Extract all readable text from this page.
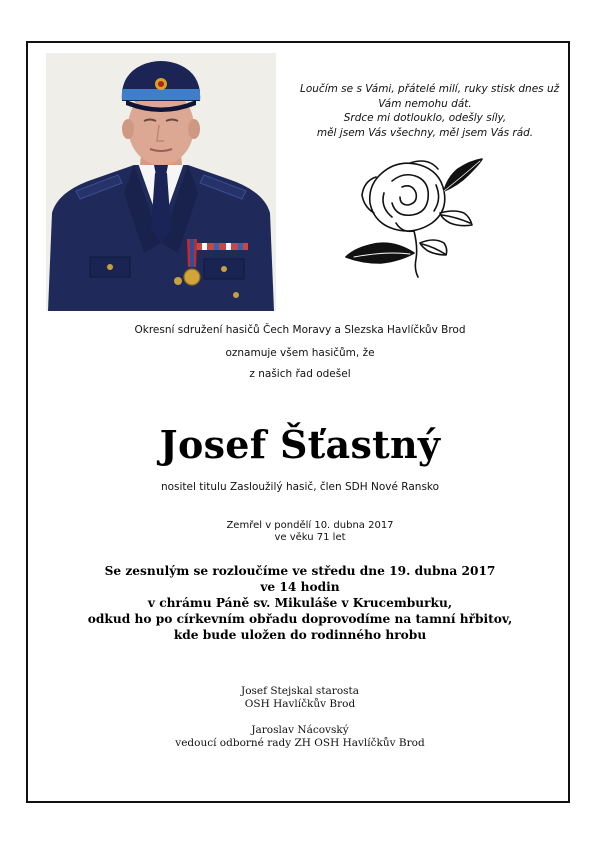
Loučím se s Vámi, přátelé milí, ruky stisk dnes už
Vám nemohu dát.
Srdce mi dotlouklo, odešly síly,
měl jsem Vás všechny, měl jsem Vás rád.
Okresní sdružení hasičů Čech Moravy a Slezska Havlíčkův Brod
oznamuje všem hasičům, že
z našich řad odešel
Josef Šťastný
nositel titulu Zasloužilý hasič, člen SDH Nové Ransko
Zemřel v pondělí 10. dubna 2017
ve věku 71 let
Se zesnulým se rozloučíme ve středu dne 19. dubna 2017
ve 14 hodin
v chrámu Páně sv. Mikuláše v Krucemburku,
odkud ho po církevním obřadu doprovodíme na tamní hřbitov,
kde bude uložen do rodinného hrobu
Josef Stejskal starosta
OSH Havlíčkův Brod
Jaroslav Nácovský
vedoucí odborné rady ZH OSH Havlíčkův Brod
